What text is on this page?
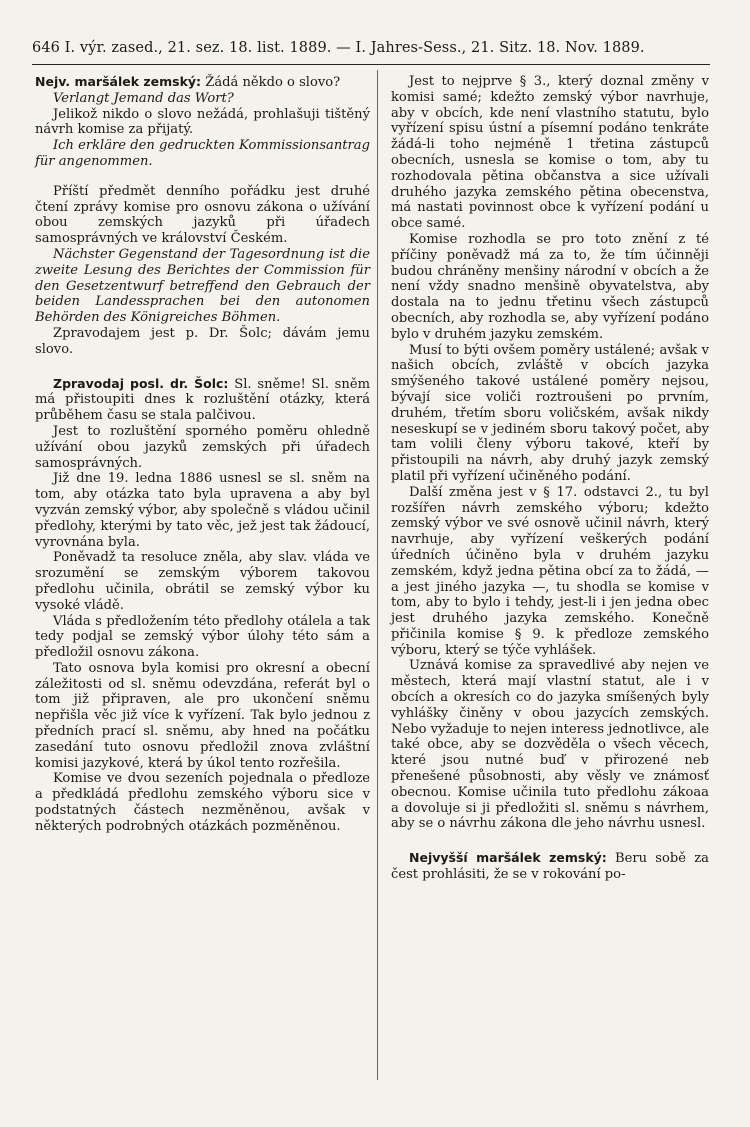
646 I. výr. zased., 21. sez. 18. list. 1889. — I. Jahres-Sess., 21. Sitz. 18. Nov. 1889.

Nejv. maršálek zemský: Žádá někdo o slovo?

Verlangt Jemand das Wort?

Jelikož nikdo o slovo nežádá, prohlašuji tištěný návrh komise za přijatý.

Ich erkläre den gedruckten Kommissionsantrag für angenommen.

Příští předmět denního pořádku jest druhé čtení zprávy komise pro osnovu zákona o užívání obou zemských jazyků při úřadech samosprávných ve království Českém.

Nächster Gegenstand der Tagesordnung ist die zweite Lesung des Berichtes der Commission für den Gesetzentwurf betreffend den Gebrauch der beiden Landessprachen bei den autonomen Behörden des Königreiches Böhmen.

Zpravodajem jest p. Dr. Šolc; dávám jemu slovo.

Zpravodaj posl. dr. Šolc: Sl. sněme! Sl. sněm má přistoupiti dnes k rozluštění otázky, která průběhem času se stala palčivou.

Jest to rozluštění sporného poměru ohledně užívání obou jazyků zemských při úřadech samosprávných.

Již dne 19. ledna 1886 usnesl se sl. sněm na tom, aby otázka tato byla upravena a aby byl vyzván zemský výbor, aby společně s vládou učinil předlohy, kterými by tato věc, jež jest tak žádoucí, vyrovnána byla.

Poněvadž ta resoluce zněla, aby slav. vláda ve srozumění se zemským výborem takovou předlohu učinila, obrátil se zemský výbor ku vysoké vládě.

Vláda s předložením této předlohy otálela a tak tedy podjal se zemský výbor úlohy této sám a předložil osnovu zákona.

Tato osnova byla komisi pro okresní a obecní záležitosti od sl. sněmu odevzdána, referát byl o tom již připraven, ale pro ukončení sněmu nepřišla věc již více k vyřízení. Tak bylo jednou z předních prací sl. sněmu, aby hned na počátku zasedání tuto osnovu předložil znova zvláštní komisi jazykové, která by úkol tento rozřešila.

Komise ve dvou sezeních pojednala o předloze a předkládá předlohu zemského výboru sice v podstatných částech nezměněnou, avšak v některých podrobných otázkách pozměněnou.

Jest to nejprve § 3., který doznal změny v komisi samé; kdežto zemský výbor navrhuje, aby v obcích, kde není vlastního statutu, bylo vyřízení spisu ústní a písemní podáno tenkráte žádá-li toho nejméně 1 třetina zástupců obecních, usnesla se komise o tom, aby tu rozhodovala pětina občanstva a sice užívali druhého jazyka zemského pětina obecenstva, má nastati povinnost obce k vyřízení podání u obce samé.

Komise rozhodla se pro toto znění z té příčiny poněvadž má za to, že tím účinněji budou chráněny menšiny národní v obcích a že není vždy snadno menšině obyvatelstva, aby dostala na to jednu třetinu všech zástupců obecních, aby rozhodla se, aby vyřízení podáno bylo v druhém jazyku zemském.

Musí to býti ovšem poměry ustálené; avšak v našich obcích, zvláště v obcích jazyka smýšeného takové ustálené poměry nejsou, bývají sice voliči roztroušeni po prvním, druhém, třetím sboru voličském, avšak nikdy neseskupí se v jediném sboru takový počet, aby tam volili členy výboru takové, kteří by přistoupili na návrh, aby druhý jazyk zemský platil při vyřízení učiněného podání.

Další změna jest v § 17. odstavci 2., tu byl rozšířen návrh zemského výboru; kdežto zemský výbor ve své osnově učinil návrh, který navrhuje, aby vyřízení veškerých podání úředních účiněno byla v druhém jazyku zemském, když jedna pětina obcí za to žádá, — a jest jiného jazyka —, tu shodla se komise v tom, aby to bylo i tehdy, jest-li i jen jedna obec jest druhého jazyka zemského. Konečně přičinila komise § 9. k předloze zemského výboru, který se týče vyhlášek.

Uznává komise za spravedlivé aby nejen ve městech, která mají vlastní statut, ale i v obcích a okresích co do jazyka smíšených byly vyhlášky činěny v obou jazycích zemských. Nebo vyžaduje to nejen interess jednotlivce, ale také obce, aby se dozvěděla o všech věcech, které jsou nutné buď v přirozené neb přenešené působnosti, aby věsly ve známosť obecnou. Komise učinila tuto předlohu zákoaa a dovoluje si ji předložiti sl. sněmu s návrhem, aby se o návrhu zákona dle jeho návrhu usnesl.

Nejvyšší maršálek zemský: Beru sobě za čest prohlásiti, že se v rokování po-
